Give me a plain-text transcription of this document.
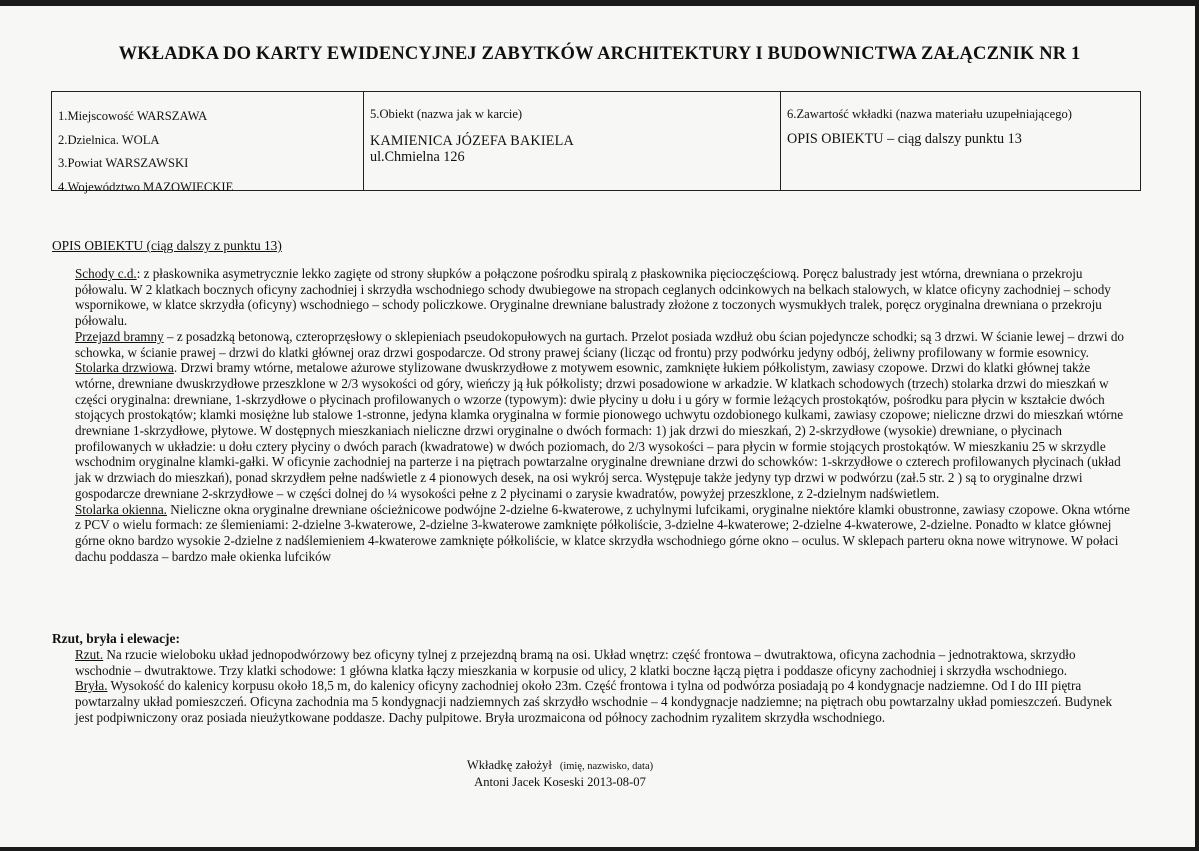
WKŁADKA DO KARTY EWIDENCYJNEJ ZABYTKÓW ARCHITEKTURY I BUDOWNICTWA ZAŁĄCZNIK NR 1
1.Miejscowość WARSZAWA
2.Dzielnica. WOLA
3.Powiat WARSZAWSKI
4.Województwo MAZOWIECKIE
5.Obiekt (nazwa jak w karcie)
KAMIENICA JÓZEFA BAKIELA
ul.Chmielna 126
6.Zawartość wkładki (nazwa materiału uzupełniającego)
OPIS OBIEKTU – ciąg dalszy punktu 13
OPIS OBIEKTU (ciąg dalszy z punktu 13)

Schody c.d.: z płaskownika asymetrycznie lekko zagięte od strony słupków a połączone pośrodku spiralą z płaskownika pięcioczęściową. Poręcz balustrady jest wtórna, drewniana o przekroju półowalu. W 2 klatkach bocznych oficyny zachodniej i skrzydła wschodniego schody dwubiegowe na stropach ceglanych odcinkowych na belkach stalowych, w klatce oficyny zachodniej – schody wspornikowe, w klatce skrzydła (oficyny) wschodniego – schody policzkowe. Oryginalne drewniane balustrady złożone z toczonych wysmukłych tralek, poręcz oryginalna drewniana o przekroju półowalu.

Przejazd bramny – z posadzką betonową, czteroprzęsłowy o sklepieniach pseudokopułowych na gurtach. Przelot posiada wzdłuż obu ścian pojedyncze schodki; są 3 drzwi. W ścianie lewej – drzwi do schowka, w ścianie prawej – drzwi do klatki głównej oraz drzwi gospodarcze. Od strony prawej ściany (licząc od frontu) przy podwórku jedyny odbój, żeliwny profilowany w formie esownicy.

Stolarka drzwiowa. Drzwi bramy wtórne, metalowe ażurowe stylizowane dwuskrzydłowe z motywem esownic, zamknięte łukiem półkolistym, zawiasy czopowe. Drzwi do klatki głównej także wtórne, drewniane dwuskrzydłowe przeszklone w 2/3 wysokości od góry, wieńczy ją łuk półkolisty; drzwi posadowione w arkadzie. W klatkach schodowych (trzech) stolarka drzwi do mieszkań w części oryginalna: drewniane, 1-skrzydłowe o płycinach profilowanych o wzorze (typowym): dwie płyciny u dołu i u góry w formie leżących prostokątów, pośrodku para płycin w kształcie dwóch stojących prostokątów; klamki mosiężne lub stalowe 1-stronne, jedyna klamka oryginalna w formie pionowego uchwytu ozdobionego kulkami, zawiasy czopowe; nieliczne drzwi do mieszkań wtórne drewniane 1-skrzydłowe, płytowe. W dostępnych mieszkaniach nieliczne drzwi oryginalne o dwóch formach: 1) jak drzwi do mieszkań, 2) 2-skrzydłowe (wysokie) drewniane, o płycinach profilowanych w układzie: u dołu cztery płyciny o dwóch parach (kwadratowe) w dwóch poziomach, do 2/3 wysokości – para płycin w formie stojących prostokątów. W mieszkaniu 25 w skrzydle wschodnim oryginalne klamki-gałki. W oficynie zachodniej na parterze i na piętrach powtarzalne oryginalne drewniane drzwi do schowków: 1-skrzydłowe o czterech profilowanych płycinach (układ jak w drzwiach do mieszkań), ponad skrzydłem pełne nadświetle z 4 pionowych desek, na osi wykrój serca. Występuje także jedyny typ drzwi w podwórzu (zał.5 str. 2 ) są to oryginalne drzwi gospodarcze drewniane 2-skrzydłowe – w części dolnej do ¼ wysokości pełne z 2 płycinami o zarysie kwadratów, powyżej przeszklone, z 2-dzielnym nadświetlem.

Stolarka okienna. Nieliczne okna oryginalne drewniane ościeżnicowe podwójne 2-dzielne 6-kwaterowe, z uchylnymi lufcikami, oryginalne niektóre klamki obustronne, zawiasy czopowe. Okna wtórne z PCV o wielu formach: ze ślemieniami: 2-dzielne 3-kwaterowe, 2-dzielne 3-kwaterowe zamknięte półkoliście, 3-dzielne 4-kwaterowe; 2-dzielne 4-kwaterowe, 2-dzielne. Ponadto w klatce głównej górne okno bardzo wysokie 2-dzielne z nadślemieniem 4-kwaterowe zamknięte półkoliście, w klatce skrzydła wschodniego górne okno – oculus. W sklepach parteru okna nowe witrynowe. W połaci dachu poddasza – bardzo małe okienka lufcików

Rzut, bryła i elewacje:

Rzut. Na rzucie wieloboku układ jednopodwórzowy bez oficyny tylnej z przejezdną bramą na osi. Układ wnętrz: część frontowa – dwutraktowa, oficyna zachodnia – jednotraktowa, skrzydło wschodnie – dwutraktowe. Trzy klatki schodowe: 1 główna klatka łączy mieszkania w korpusie od ulicy, 2 klatki boczne łączą piętra i poddasze oficyny zachodniej i skrzydła wschodniego.

Bryła. Wysokość do kalenicy korpusu około 18,5 m, do kalenicy oficyny zachodniej około 23m. Część frontowa i tylna od podwórza posiadają po 4 kondygnacje nadziemne. Od I do III piętra powtarzalny układ pomieszczeń. Oficyna zachodnia ma 5 kondygnacji nadziemnych zaś skrzydło wschodnie – 4 kondygnacje nadziemne; na piętrach obu powtarzalny układ pomieszczeń. Budynek jest podpiwniczony oraz posiada nieużytkowane poddasze. Dachy pulpitowe. Bryła urozmaicona od północy zachodnim ryzalitem skrzydła wschodniego.

Wkładkę założył (imię, nazwisko, data)
Antoni Jacek Koseski 2013-08-07
